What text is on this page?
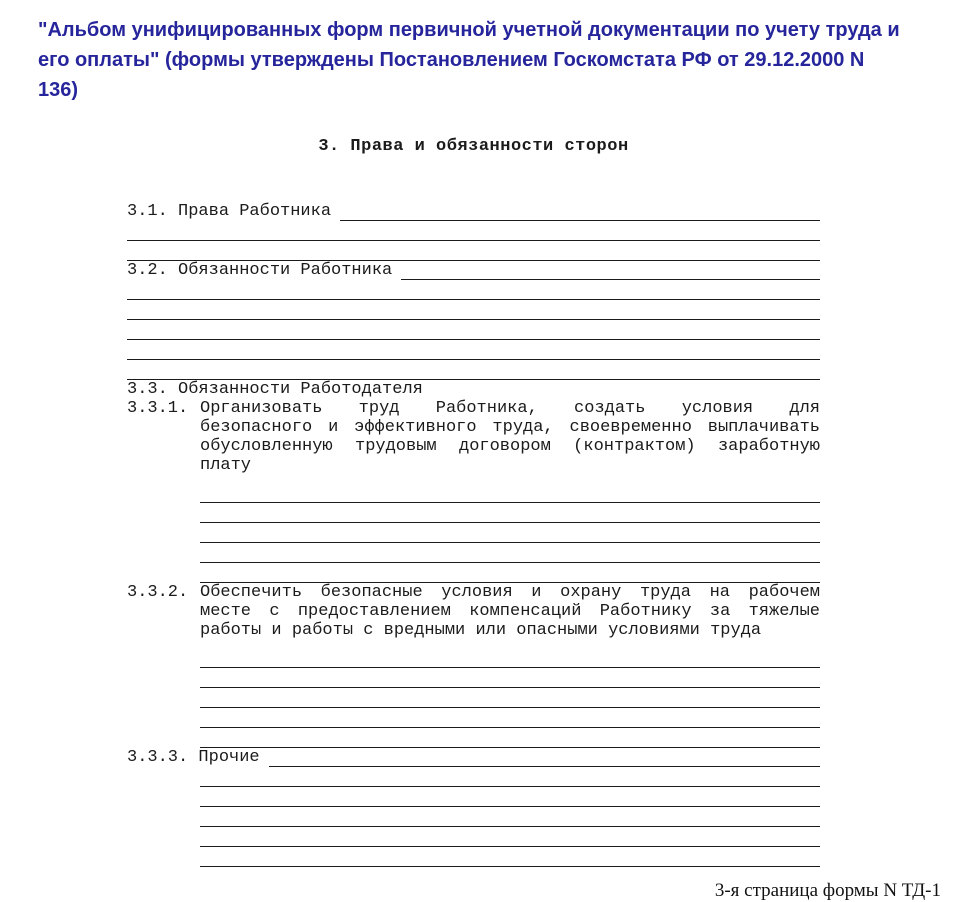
"Альбом унифицированных форм первичной учетной документации по учету труда и его оплаты" (формы утверждены Постановлением Госкомстата РФ от 29.12.2000 N 136)
3. Права и обязанности сторон
3.1. Права Работника
3.2. Обязанности Работника
3.3. Обязанности Работодателя
3.3.1. Организовать труд Работника, создать условия для
безопасного и эффективного труда, своевременно выплачивать
обусловленную трудовым договором (контрактом) заработную
плату
3.3.2. Обеспечить безопасные условия и охрану труда на рабочем
месте с предоставлением компенсаций Работнику за тяжелые
работы и работы с вредными или опасными условиями труда
3.3.3. Прочие
3-я страница формы N ТД-1
